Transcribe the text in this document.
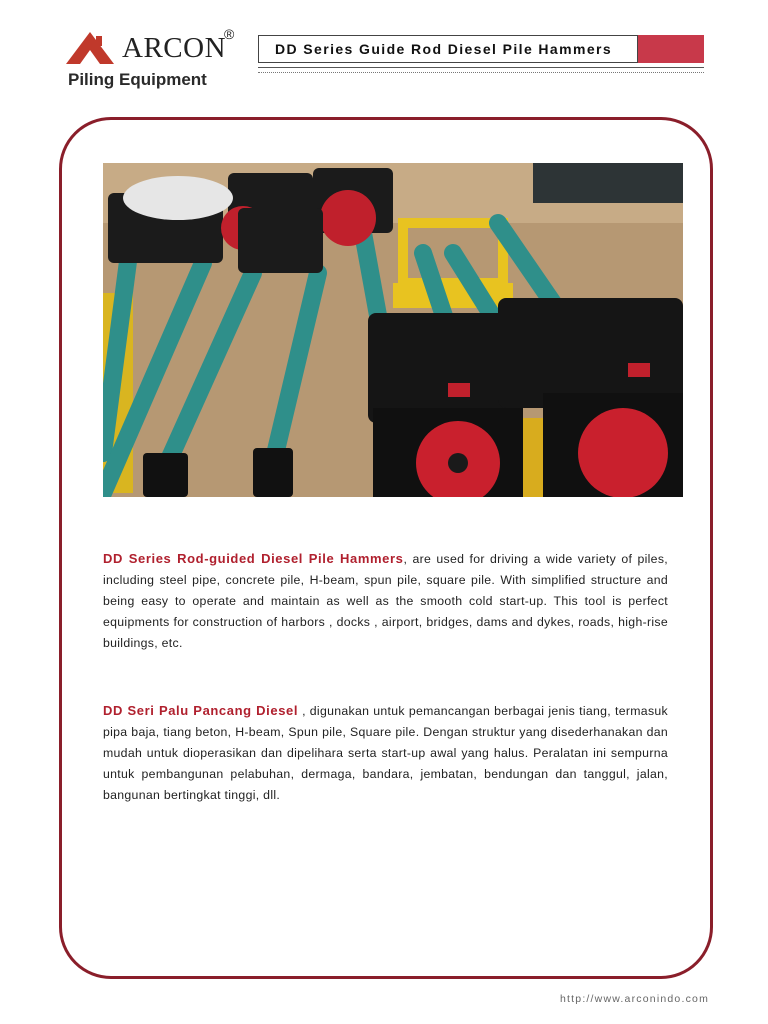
ARCON
®
Piling Equipment
DD Series Guide Rod Diesel Pile Hammers

DD Series Rod-guided Diesel Pile Hammers, are used for driving a wide variety of piles, including steel pipe, concrete pile, H-beam, spun pile, square pile. With simplified structure and being easy to operate and maintain as well as the smooth cold start-up. This tool is perfect equipments for construction of harbors , docks , airport, bridges, dams and dykes, roads, high-rise buildings, etc.

DD Seri Palu Pancang Diesel , digunakan untuk pemancangan berbagai jenis tiang, termasuk pipa baja, tiang beton, H-beam, Spun pile, Square pile. Dengan struktur yang disederhanakan dan mudah untuk dioperasikan dan dipelihara serta start-up awal yang halus. Peralatan ini sempurna untuk pembangunan pelabuhan, dermaga, bandara, jembatan, bendungan dan tanggul, jalan, bangunan bertingkat tinggi, dll.

http://www.arconindo.com
